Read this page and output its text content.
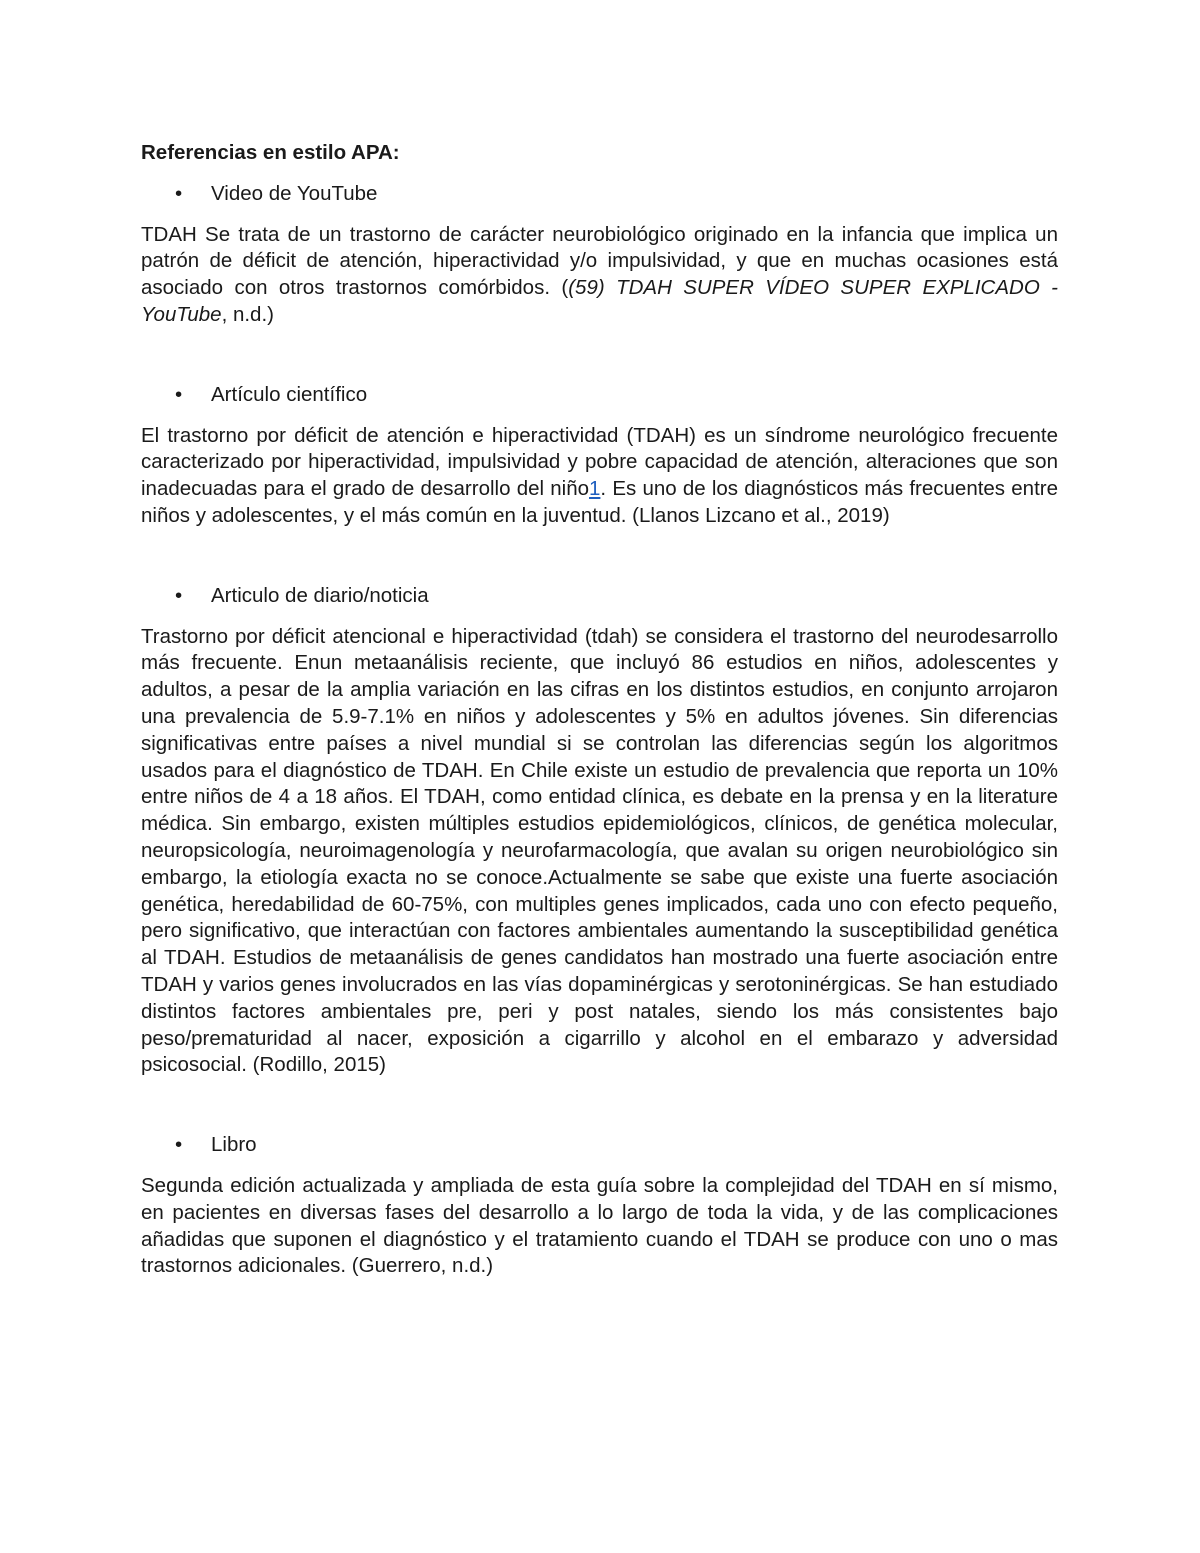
Referencias en estilo APA:

• Video de YouTube

TDAH Se trata de un trastorno de carácter neurobiológico originado en la infancia que implica un patrón de déficit de atención, hiperactividad y/o impulsividad, y que en muchas ocasiones está asociado con otros trastornos comórbidos. ((59) TDAH SUPER VÍDEO SUPER EXPLICADO - YouTube, n.d.)

• Artículo científico

El trastorno por déficit de atención e hiperactividad (TDAH) es un síndrome neurológico frecuente caracterizado por hiperactividad, impulsividad y pobre capacidad de atención, alteraciones que son inadecuadas para el grado de desarrollo del niño1. Es uno de los diagnósticos más frecuentes entre niños y adolescentes, y el más común en la juventud. (Llanos Lizcano et al., 2019)

• Articulo de diario/noticia

Trastorno por déficit atencional e hiperactividad (tdah) se considera el trastorno del neurodesarrollo más frecuente. Enun metaanálisis reciente, que incluyó 86 estudios en niños, adolescentes y adultos, a pesar de la amplia variación en las cifras en los distintos estudios, en conjunto arrojaron una prevalencia de 5.9-7.1% en niños y adolescentes y 5% en adultos jóvenes. Sin diferencias significativas entre países a nivel mundial si se controlan las diferencias según los algoritmos usados para el diagnóstico de TDAH. En Chile existe un estudio de prevalencia que reporta un 10% entre niños de 4 a 18 años. El TDAH, como entidad clínica, es debate en la prensa y en la literature médica. Sin embargo, existen múltiples estudios epidemiológicos, clínicos, de genética molecular, neuropsicología, neuroimagenología y neurofarmacología, que avalan su origen neurobiológico sin embargo, la etiología exacta no se conoce.Actualmente se sabe que existe una fuerte asociación genética, heredabilidad de 60-75%, con multiples genes implicados, cada uno con efecto pequeño, pero significativo, que interactúan con factores ambientales aumentando la susceptibilidad genética al TDAH. Estudios de metaanálisis de genes candidatos han mostrado una fuerte asociación entre TDAH y varios genes involucrados en las vías dopaminérgicas y serotoninérgicas. Se han estudiado distintos factores ambientales pre, peri y post natales, siendo los más consistentes bajo peso/prematuridad al nacer, exposición a cigarrillo y alcohol en el embarazo y adversidad psicosocial. (Rodillo, 2015)

• Libro

Segunda edición actualizada y ampliada de esta guía sobre la complejidad del TDAH en sí mismo, en pacientes en diversas fases del desarrollo a lo largo de toda la vida, y de las complicaciones añadidas que suponen el diagnóstico y el tratamiento cuando el TDAH se produce con uno o mas trastornos adicionales. (Guerrero, n.d.)
